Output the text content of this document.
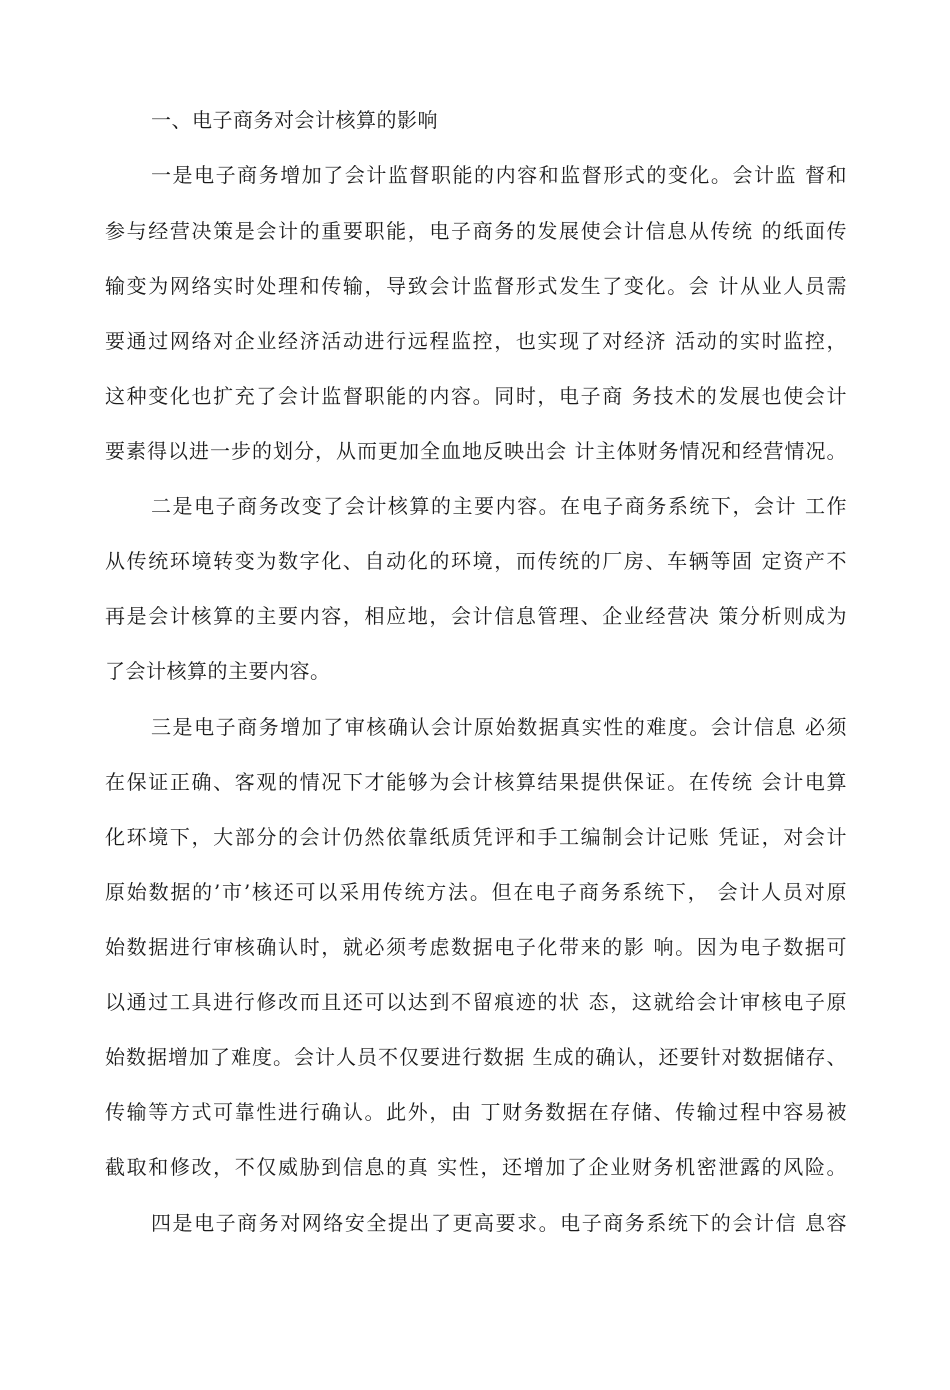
一、电子商务对会计核算的影响
一是电子商务增加了会计监督职能的内容和监督形式的变化。会计监 督和
参与经营决策是会计的重要职能，电子商务的发展使会计信息从传统 的纸面传
输变为网络实时处理和传输，导致会计监督形式发生了变化。会 计从业人员需
要通过网络对企业经济活动进行远程监控，也实现了对经济 活动的实时监控，
这种变化也扩充了会计监督职能的内容。同时，电子商 务技术的发展也使会计
要素得以进一步的划分，从而更加全血地反映出会 计主体财务情况和经营情况。
二是电子商务改变了会计核算的主要内容。在电子商务系统下，会计 工作
从传统环境转变为数字化、自动化的环境，而传统的厂房、车辆等固 定资产不
再是会计核算的主要内容，相应地，会计信息管理、企业经营决 策分析则成为
了会计核算的主要内容。
三是电子商务增加了审核确认会计原始数据真实性的难度。会计信息 必须
在保证正确、客观的情况下才能够为会计核算结果提供保证。在传统 会计电算
化环境下，大部分的会计仍然依靠纸质凭评和手工编制会计记账 凭证，对会计
原始数据的’市’核还可以采用传统方法。但在电子商务系统下， 会计人员对原
始数据进行审核确认时，就必须考虑数据电子化带来的影 响。因为电子数据可
以通过工具进行修改而且还可以达到不留痕迹的状 态，这就给会计审核电子原
始数据增加了难度。会计人员不仅要进行数据 生成的确认，还要针对数据储存、
传输等方式可靠性进行确认。此外，由 丁财务数据在存储、传输过程中容易被
截取和修改，不仅威胁到信息的真 实性，还增加了企业财务机密泄露的风险。
四是电子商务对网络安全提出了更高要求。电子商务系统下的会计信 息容
